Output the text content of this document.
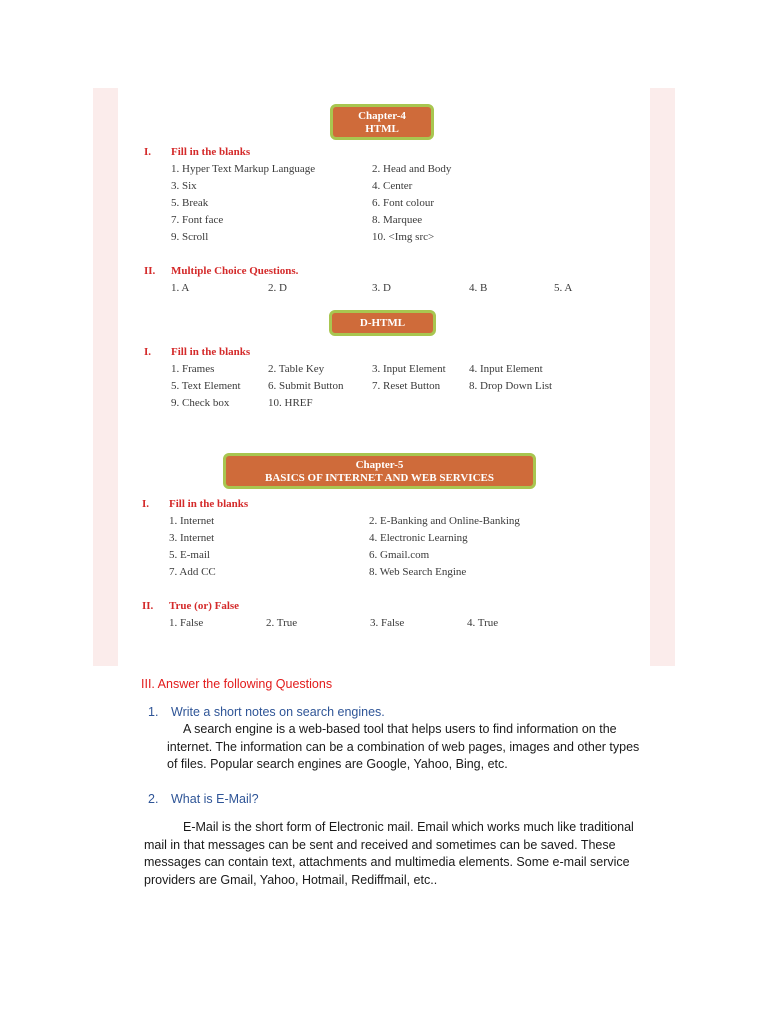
Chapter-4
HTML
I. Fill in the blanks
1. Hyper Text Markup Language	2. Head and Body
3. Six	4. Center
5. Break	6. Font colour
7. Font face	8. Marquee
9. Scroll	10. <Img src>
II. Multiple Choice Questions.
1. A	2. D	3. D	4. B	5. A
D-HTML
I. Fill in the blanks
1. Frames	2. Table Key	3. Input Element 4. Input Element
5. Text Element 6. Submit Button	7. Reset Button	8. Drop Down List
9. Check box	10. HREF
Chapter-5
BASICS OF INTERNET AND WEB SERVICES
I. Fill in the blanks
1. Internet	2. E-Banking and Online-Banking
3. Internet	4. Electronic Learning
5. E-mail	6. Gmail.com
7. Add CC	8. Web Search Engine
II. True (or) False
1. False	2. True	3. False	4. True
III. Answer the following Questions
1. Write a short notes on search engines.
A search engine is a web-based tool that helps users to find information on the
internet. The information can be a combination of web pages, images and other types
of files. Popular search engines are Google, Yahoo, Bing, etc.
2. What is E-Mail?
E-Mail is the short form of Electronic mail. Email which works much like traditional
mail in that messages can be sent and received and sometimes can be saved. These
messages can contain text, attachments and multimedia elements. Some e-mail service
providers are Gmail, Yahoo, Hotmail, Rediffmail, etc..
